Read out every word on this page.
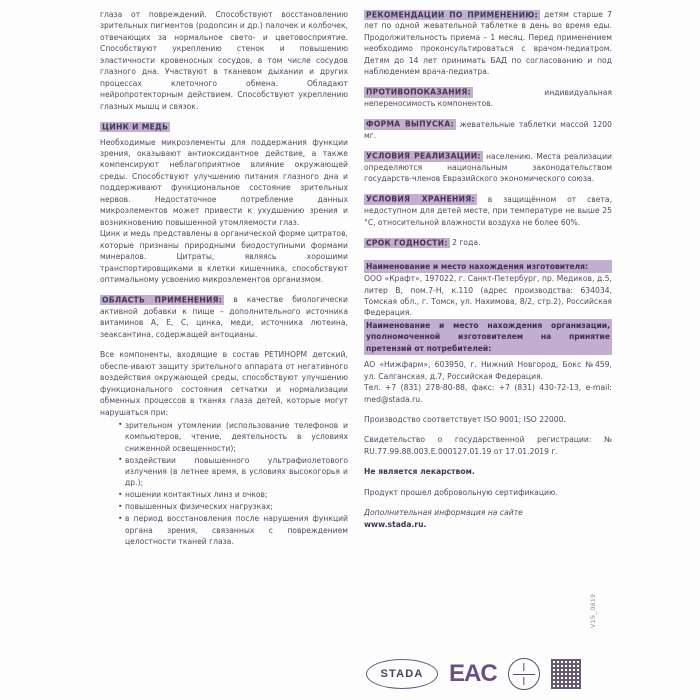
глаза от повреждений. Способствуют восстановлению зрительных пигментов (родопсин и др.) палочек и колбочек, отвечающих за нормальное свето- и цветовосприятие. Способствуют укреплению стенок и повышению эластичности кровеносных сосудов, в том числе сосудов глазного дна. Участвуют в тканевом дыхании и других процессах клеточного обмена. Обладают нейропротекторным действием. Способствуют укреплению глазных мышц и связок.

ЦИНК И МЕДЬ

Необходимые микроэлементы для поддержания функции зрения, оказывают антиоксидантное действие, а также компенсируют неблагоприятное влияние окружающей среды. Способствуют улучшению питания глазного дна и поддерживают функциональное состояние зрительных нервов. Недостаточное потребление данных микроэлементов может привести к ухудшению зрения и возникновению повышенной утомляемости глаз.

Цинк и медь представлены в органической форме цитратов, которые признаны природными биодоступными формами минералов. Цитраты, являясь хорошими транспортировщиками в клетки кишечника, способствуют оптимальному усвоению микроэлементов организмом.

ОБЛАСТЬ ПРИМЕНЕНИЯ: в качестве биологически активной добавки к пище – дополнительного источника витаминов А, Е, С, цинка, меди, источника лютеина, зеаксантина, содержащей антоцианы.

Все компоненты, входящие в состав РЕТИНОРМ детский, обеспе-ивают защиту зрительного аппарата от негативного воздействия окружающей среды, способствуют улучшению функционального состояния сетчатки и нормализации обменных процессов в тканях глаза детей, которые могут нарушаться при:

• зрительном утомлении (использование телефонов и компьютеров, чтение, деятельность в условиях сниженной освещенности);
• воздействии повышенного ультрафиолетового излучения (в летнее время, в условиях высокогорья и др.);
• ношении контактных линз и очков;
• повышенных физических нагрузках;
• в период восстановления после нарушения функций органа зрения, связанных с повреждением целостности тканей глаза.

РЕКОМЕНДАЦИИ ПО ПРИМЕНЕНИЮ: детям старше 7 лет по одной жевательной таблетке в день во время еды. Продолжительность приема – 1 месяц. Перед применением необходимо проконсультироваться с врачом-педиатром. Детям до 14 лет принимать БАД по согласованию и под наблюдением врача-педиатра.

ПРОТИВОПОКАЗАНИЯ:	индивидуальная непереносимость компонентов.

ФОРМА ВЫПУСКА: жевательные таблетки массой 1200 мг.

УСЛОВИЯ РЕАЛИЗАЦИИ: населению. Места реализации определяются национальным законодательством государств-членов Евразийского экономического союза.

УСЛОВИЯ ХРАНЕНИЯ: в защищённом от света, недоступном для детей месте, при температуре не выше 25 °С, относительной влажности воздуха не более 60%.

СРОК ГОДНОСТИ: 2 года.

Наименование и место нахождения изготовителя:

ООО «Крафт», 197022, г. Санкт-Петербург, пр. Медиков, д.5, литер В, пом.7-Н, к.110 (адрес производства: 634034, Томская обл., г. Томск, ул. Нахимова, 8/2, стр.2), Российская Федерация.

Наименование и место нахождения организации, уполномоченной изготовителем на принятие претензий от потребителей:

АО «Нижфарм», 603950, г. Нижний Новгород, Бокс №459, ул. Салганская, д.7, Российская Федерация.

Тел. +7 (831) 278-80-88, факс: +7 (831) 430-72-13, e-mail: med@stada.ru.

Производство соответствует ISO 9001; ISO 22000.

Свидетельство о государственной регистрации: № RU.77.99.88.003.Е.000127.01.19 от 17.01.2019 г.

Не является лекарством.

Продукт прошел добровольную сертификацию.

Дополнительная информация на сайте

www.stada.ru.

STADA	EAC
V15_0619
